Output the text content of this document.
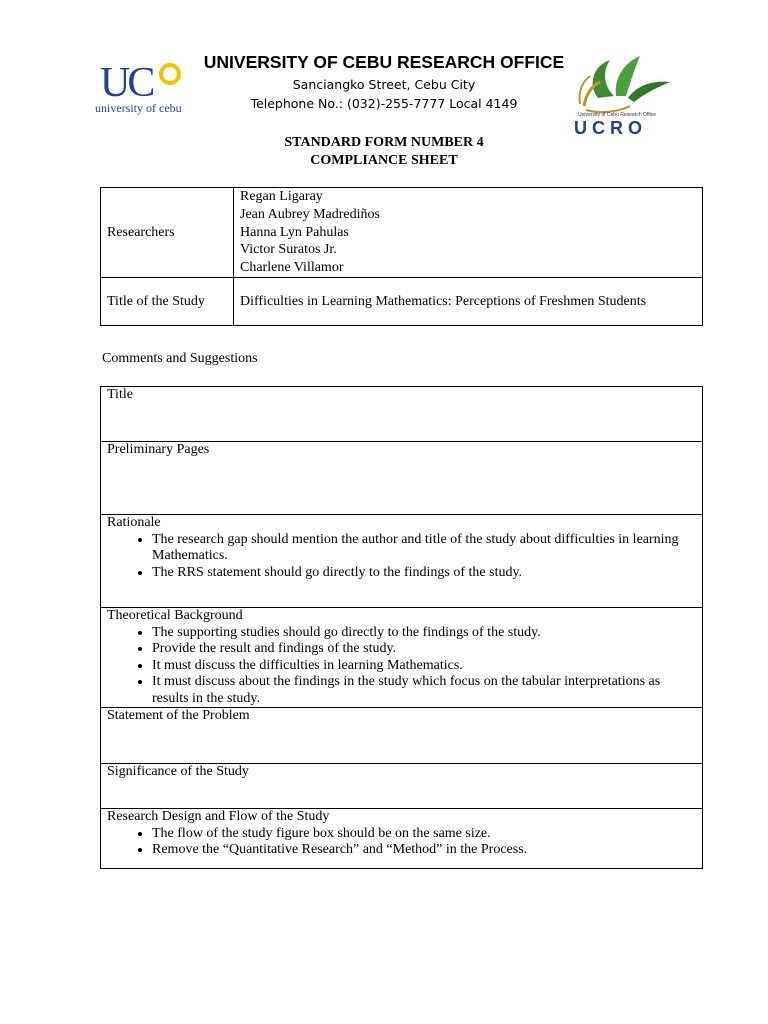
UC
university of cebu
UNIVERSITY OF CEBU RESEARCH OFFICE
Sanciangko Street, Cebu City
Telephone No.: (032)-255-7777 Local 4149
University of Cebu Research Office
UCRO
STANDARD FORM NUMBER 4
COMPLIANCE SHEET
Researchers	Regan Ligaray
Jean Aubrey Madrediños
Hanna Lyn Pahulas
Victor Suratos Jr.
Charlene Villamor

Title of the Study	Difficulties in Learning Mathematics: Perceptions of Freshmen Students
Comments and Suggestions
Title

Preliminary Pages

Rationale
• The research gap should mention the author and title of the study about difficulties in learning Mathematics.
• The RRS statement should go directly to the findings of the study.

Theoretical Background
• The supporting studies should go directly to the findings of the study.
• Provide the result and findings of the study.
• It must discuss the difficulties in learning Mathematics.
• It must discuss about the findings in the study which focus on the tabular interpretations as results in the study.

Statement of the Problem

Significance of the Study

Research Design and Flow of the Study
• The flow of the study figure box should be on the same size.
• Remove the “Quantitative Research” and “Method” in the Process.
